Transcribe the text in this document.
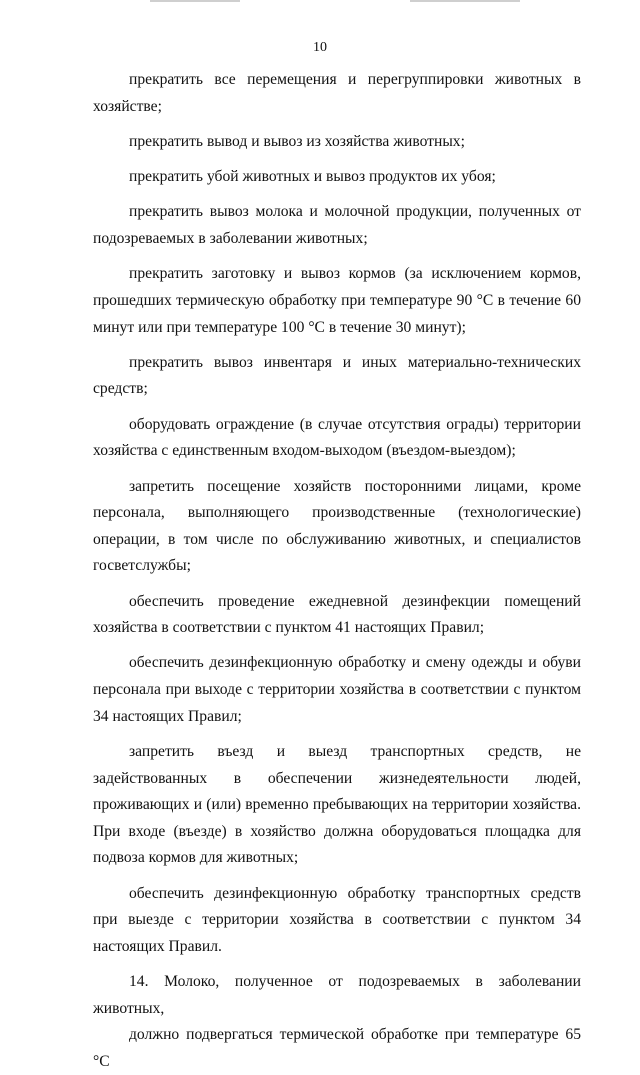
10

прекратить все перемещения и перегруппировки животных в хозяйстве;

прекратить вывод и вывоз из хозяйства животных;

прекратить убой животных и вывоз продуктов их убоя;

прекратить вывоз молока и молочной продукции, полученных от подозреваемых в заболевании животных;

прекратить заготовку и вывоз кормов (за исключением кормов, прошедших термическую обработку при температуре 90 °С в течение 60 минут или при температуре 100 °С в течение 30 минут);

прекратить вывоз инвентаря и иных материально-технических средств;

оборудовать ограждение (в случае отсутствия ограды) территории хозяйства с единственным входом-выходом (въездом-выездом);

запретить посещение хозяйств посторонними лицами, кроме персонала, выполняющего производственные (технологические) операции, в том числе по обслуживанию животных, и специалистов госветслужбы;

обеспечить проведение ежедневной дезинфекции помещений хозяйства в соответствии с пунктом 41 настоящих Правил;

обеспечить дезинфекционную обработку и смену одежды и обуви персонала при выходе с территории хозяйства в соответствии с пунктом 34 настоящих Правил;

запретить въезд и выезд транспортных средств, не задействованных в обеспечении жизнедеятельности людей, проживающих и (или) временно пребывающих на территории хозяйства. При входе (въезде) в хозяйство должна оборудоваться площадка для подвоза кормов для животных;

обеспечить дезинфекционную обработку транспортных средств при выезде с территории хозяйства в соответствии с пунктом 34 настоящих Правил.

14. Молоко, полученное от подозреваемых в заболевании животных,
должно подвергаться термической обработке при температуре 65 °С
